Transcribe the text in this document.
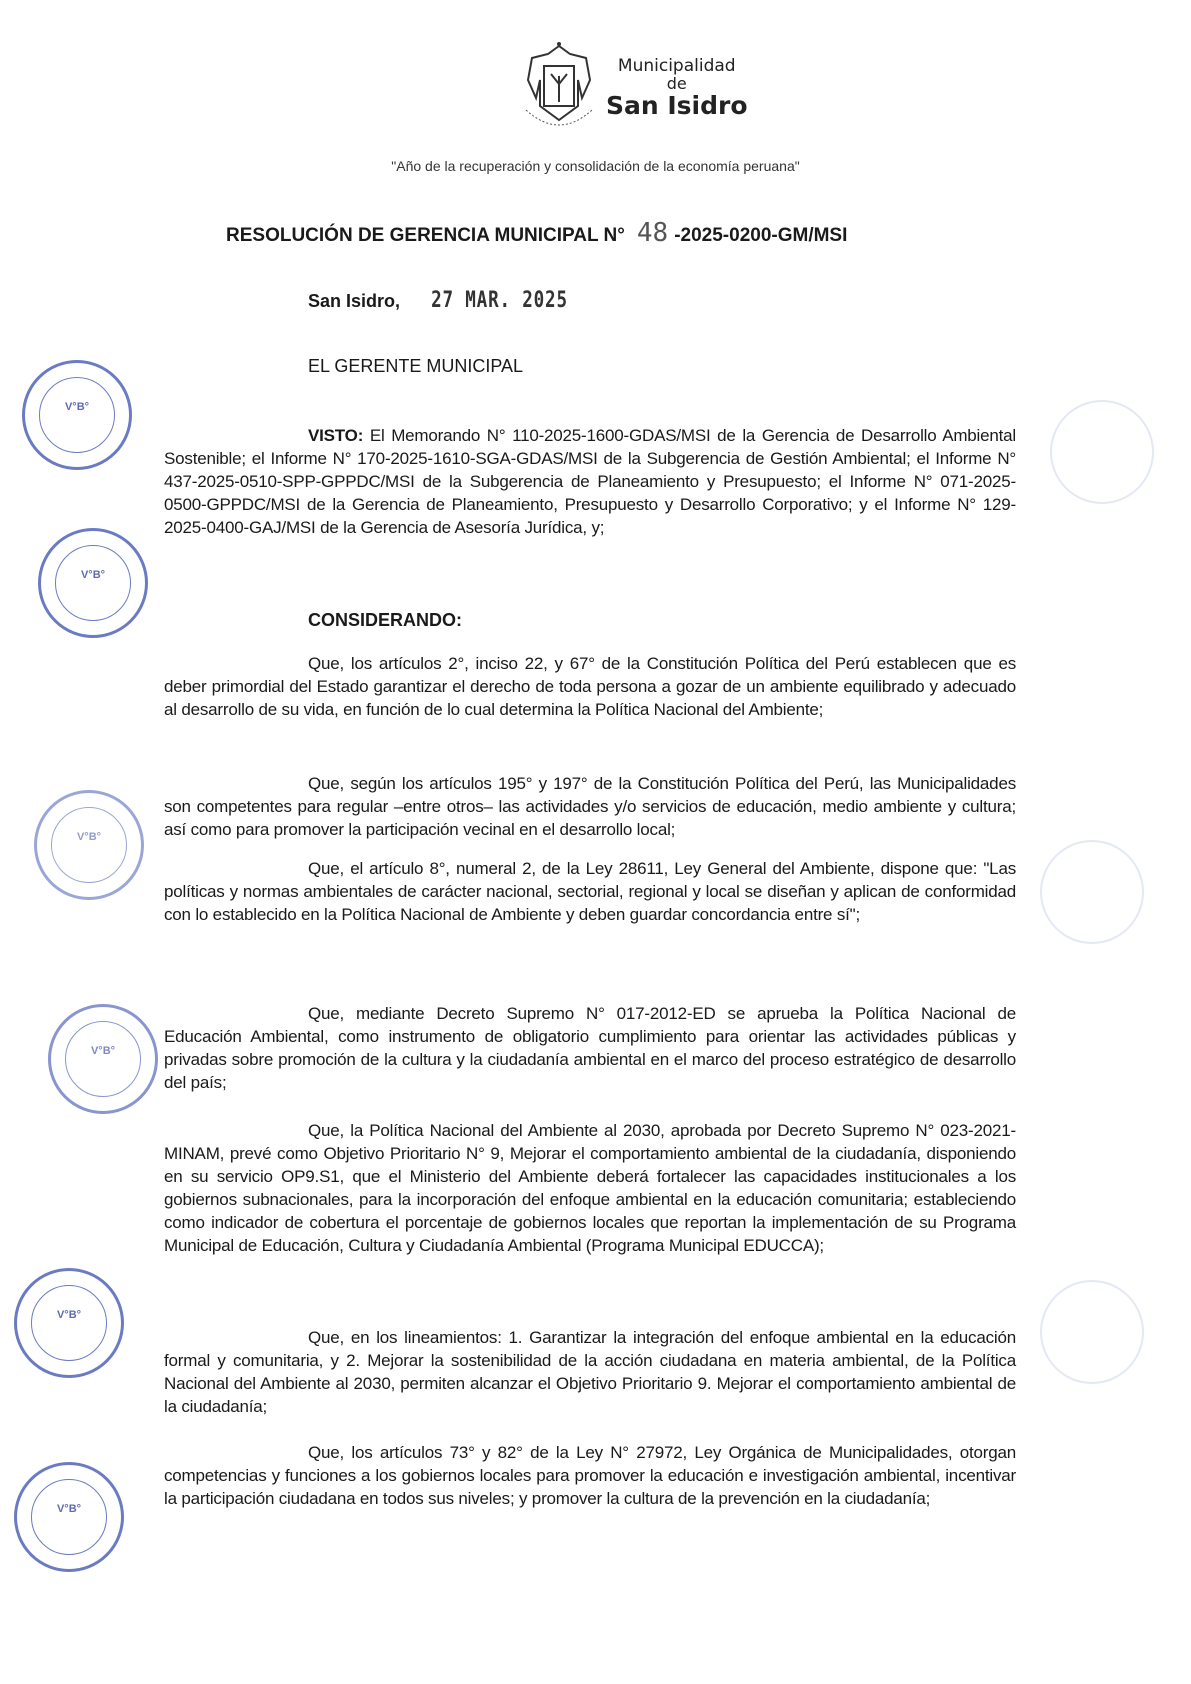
Municipalidad
de
San Isidro
"Año de la recuperación y consolidación de la economía peruana"
RESOLUCIÓN DE GERENCIA MUNICIPAL N° 48 -2025-0200-GM/MSI
San Isidro, 27 MAR. 2025
EL GERENTE MUNICIPAL

VISTO: El Memorando N° 110-2025-1600-GDAS/MSI de la Gerencia de Desarrollo Ambiental Sostenible; el Informe N° 170-2025-1610-SGA-GDAS/MSI de la Subgerencia de Gestión Ambiental; el Informe N° 437-2025-0510-SPP-GPPDC/MSI de la Subgerencia de Planeamiento y Presupuesto; el Informe N° 071-2025-0500-GPPDC/MSI de la Gerencia de Planeamiento, Presupuesto y Desarrollo Corporativo; y el Informe N° 129-2025-0400-GAJ/MSI de la Gerencia de Asesoría Jurídica, y;

CONSIDERANDO:

Que, los artículos 2°, inciso 22, y 67° de la Constitución Política del Perú establecen que es deber primordial del Estado garantizar el derecho de toda persona a gozar de un ambiente equilibrado y adecuado al desarrollo de su vida, en función de lo cual determina la Política Nacional del Ambiente;

Que, según los artículos 195° y 197° de la Constitución Política del Perú, las Municipalidades son competentes para regular –entre otros– las actividades y/o servicios de educación, medio ambiente y cultura; así como para promover la participación vecinal en el desarrollo local;

Que, el artículo 8°, numeral 2, de la Ley 28611, Ley General del Ambiente, dispone que: "Las políticas y normas ambientales de carácter nacional, sectorial, regional y local se diseñan y aplican de conformidad con lo establecido en la Política Nacional de Ambiente y deben guardar concordancia entre sí";

Que, mediante Decreto Supremo N° 017-2012-ED se aprueba la Política Nacional de Educación Ambiental, como instrumento de obligatorio cumplimiento para orientar las actividades públicas y privadas sobre promoción de la cultura y la ciudadanía ambiental en el marco del proceso estratégico de desarrollo del país;

Que, la Política Nacional del Ambiente al 2030, aprobada por Decreto Supremo N° 023-2021-MINAM, prevé como Objetivo Prioritario N° 9, Mejorar el comportamiento ambiental de la ciudadanía, disponiendo en su servicio OP9.S1, que el Ministerio del Ambiente deberá fortalecer las capacidades institucionales a los gobiernos subnacionales, para la incorporación del enfoque ambiental en la educación comunitaria; estableciendo como indicador de cobertura el porcentaje de gobiernos locales que reportan la implementación de su Programa Municipal de Educación, Cultura y Ciudadanía Ambiental (Programa Municipal EDUCCA);

Que, en los lineamientos: 1. Garantizar la integración del enfoque ambiental en la educación formal y comunitaria, y 2. Mejorar la sostenibilidad de la acción ciudadana en materia ambiental, de la Política Nacional del Ambiente al 2030, permiten alcanzar el Objetivo Prioritario 9. Mejorar el comportamiento ambiental de la ciudadanía;

Que, los artículos 73° y 82° de la Ley N° 27972, Ley Orgánica de Municipalidades, otorgan competencias y funciones a los gobiernos locales para promover la educación e investigación ambiental, incentivar la participación ciudadana en todos sus niveles; y promover la cultura de la prevención en la ciudadanía;

V°B°
V°B°
V°B°
V°B°
V°B°
V°B°
